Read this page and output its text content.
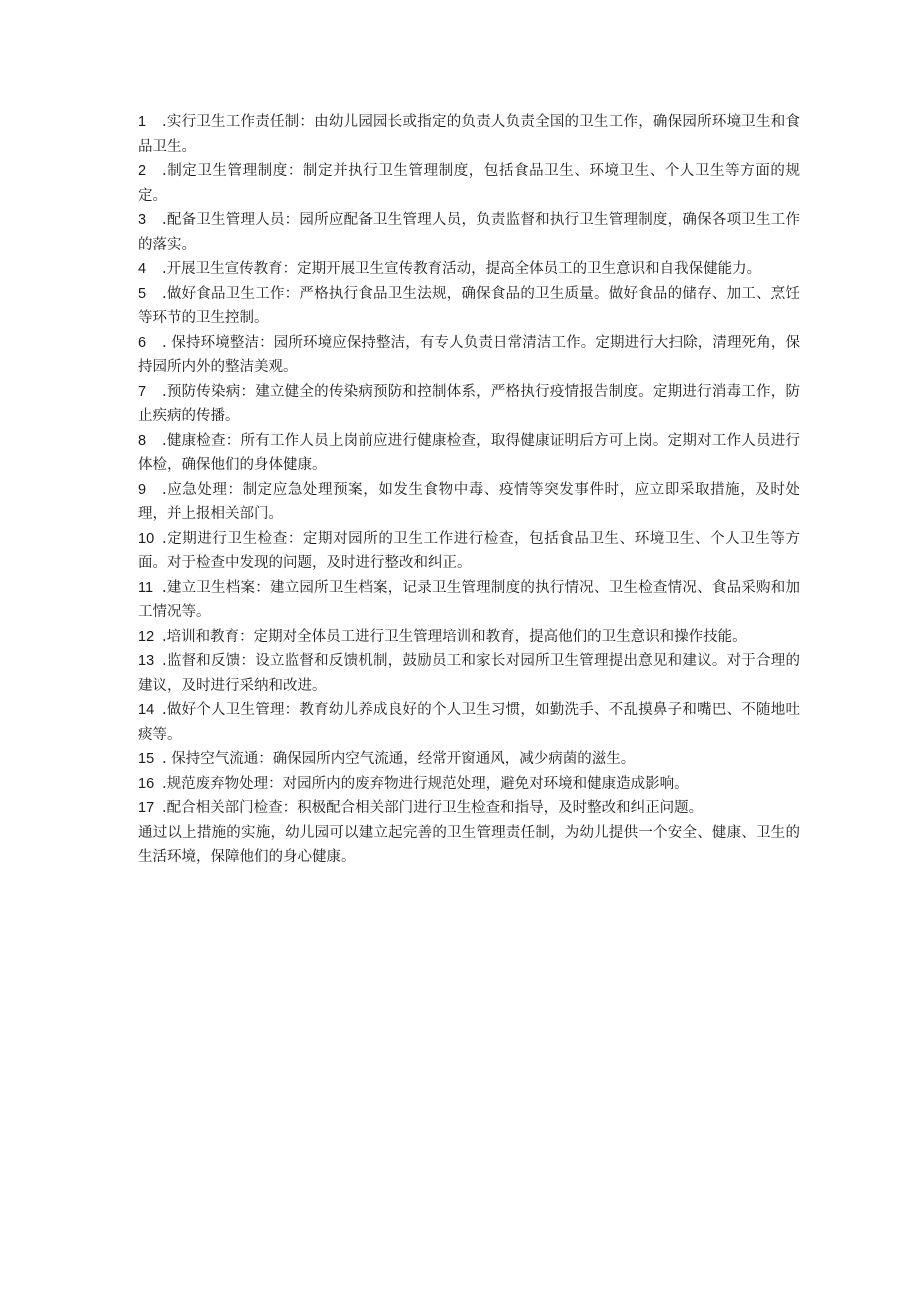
1 .实行卫生工作责任制：由幼儿园园长或指定的负责人负责全国的卫生工作，确保园所环境卫生和食品卫生。

2 .制定卫生管理制度：制定并执行卫生管理制度，包括食品卫生、环境卫生、个人卫生等方面的规定。

3 .配备卫生管理人员：园所应配备卫生管理人员，负责监督和执行卫生管理制度，确保各项卫生工作的落实。

4 .开展卫生宣传教育：定期开展卫生宣传教育活动，提高全体员工的卫生意识和自我保健能力。

5 .做好食品卫生工作：严格执行食品卫生法规，确保食品的卫生质量。做好食品的储存、加工、烹饪等环节的卫生控制。

6 . 保持环境整洁：园所环境应保持整洁，有专人负责日常清洁工作。定期进行大扫除，清理死角，保持园所内外的整洁美观。

7 .预防传染病：建立健全的传染病预防和控制体系，严格执行疫情报告制度。定期进行消毒工作，防止疾病的传播。

8 .健康检查：所有工作人员上岗前应进行健康检查，取得健康证明后方可上岗。定期对工作人员进行体检，确保他们的身体健康。

9 .应急处理：制定应急处理预案，如发生食物中毒、疫情等突发事件时，应立即采取措施，及时处理，并上报相关部门。

10 .定期进行卫生检查：定期对园所的卫生工作进行检查，包括食品卫生、环境卫生、个人卫生等方面。对于检查中发现的问题，及时进行整改和纠正。

11 .建立卫生档案：建立园所卫生档案，记录卫生管理制度的执行情况、卫生检查情况、食品采购和加工情况等。

12 .培训和教育：定期对全体员工进行卫生管理培训和教育，提高他们的卫生意识和操作技能。

13 .监督和反馈：设立监督和反馈机制，鼓励员工和家长对园所卫生管理提出意见和建议。对于合理的建议，及时进行采纳和改进。

14 .做好个人卫生管理：教育幼儿养成良好的个人卫生习惯，如勤洗手、不乱摸鼻子和嘴巴、不随地吐痰等。

15 . 保持空气流通：确保园所内空气流通，经常开窗通风，减少病菌的滋生。

16 .规范废弃物处理：对园所内的废弃物进行规范处理，避免对环境和健康造成影响。

17 .配合相关部门检查：积极配合相关部门进行卫生检查和指导，及时整改和纠正问题。

通过以上措施的实施，幼儿园可以建立起完善的卫生管理责任制，为幼儿提供一个安全、健康、卫生的生活环境，保障他们的身心健康。
